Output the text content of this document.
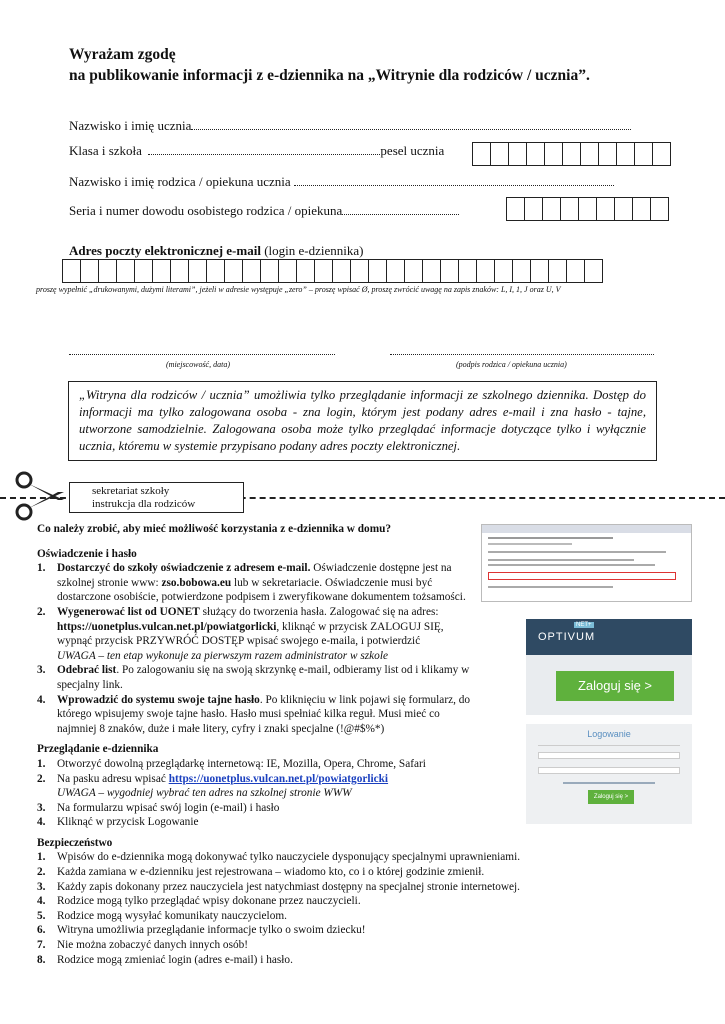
Wyrażam zgodę
na publikowanie informacji z e-dziennika na „Witrynie dla rodziców / ucznia”.
Nazwisko i imię ucznia
Klasa i szkoła	pesel ucznia
Nazwisko i imię rodzica / opiekuna ucznia
Seria i numer dowodu osobistego rodzica / opiekuna
Adres poczty elektronicznej e-mail (login e-dziennika)
proszę wypełnić „drukowanymi, dużymi literami”, jeżeli w adresie występuje „zero” – proszę wpisać Ø, proszę zwrócić uwagę na zapis znaków: L, I, 1, J oraz U, V
(miejscowość, data)	(podpis rodzica / opiekuna ucznia)
„Witryna dla rodziców / ucznia” umożliwia tylko przeglądanie informacji ze szkolnego dziennika. Dostęp do informacji ma tylko zalogowana osoba - zna login, którym jest podany adres e-mail i zna hasło - tajne, utworzone samodzielnie. Zalogowana osoba może tylko przeglądać informacje dotyczące tylko i wyłącznie ucznia, któremu w systemie przypisano podany adres poczty elektronicznej.
sekretariat szkoły
instrukcja dla rodziców
Co należy zrobić, aby mieć możliwość korzystania z e-dziennika w domu?
Oświadczenie i hasło
1.	Dostarczyć do szkoły oświadczenie z adresem e-mail. Oświadczenie dostępne jest na szkolnej stronie www: zso.bobowa.eu lub w sekretariacie. Oświadczenie musi być dostarczone osobiście, potwierdzone podpisem i zweryfikowane dokumentem tożsamości.
2.	Wygenerować list od UONET służący do tworzenia hasła. Zalogować się na adres: https://uonetplus.vulcan.net.pl/powiatgorlicki, kliknąć w przycisk ZALOGUJ SIĘ, wypnąć przycisk PRZYWRÓĆ DOSTĘP wpisać swojego e-maila, i potwierdzić
UWAGA – ten etap wykonuje za pierwszym razem administrator w szkole
3.	Odebrać list. Po zalogowaniu się na swoją skrzynkę e-mail, odbieramy list od i klikamy w specjalny link.
4.	Wprowadzić do systemu swoje tajne hasło. Po kliknięciu w link pojawi się formularz, do którego wpisujemy swoje tajne hasło. Hasło musi spełniać kilka reguł. Musi mieć co najmniej 8 znaków, duże i małe litery, cyfry i znaki specjalne (!@#$%*)
Przeglądanie e-dziennika
1.	Otworzyć dowolną przeglądarkę internetową: IE, Mozilla, Opera, Chrome, Safari
2.	Na pasku adresu wpisać https://uonetplus.vulcan.net.pl/powiatgorlicki
UWAGA – wygodniej wybrać ten adres na szkolnej stronie WWW
3.	Na formularzu wpisać swój login (e-mail) i hasło
4.	Kliknąć w przycisk Logowanie
Bezpieczeństwo
1.	Wpisów do e-dziennika mogą dokonywać tylko nauczyciele dysponujący specjalnymi uprawnieniami.
2.	Każda zamiana w e-dzienniku jest rejestrowana – wiadomo kto, co i o której godzinie zmienił.
3.	Każdy zapis dokonany przez nauczyciela jest natychmiast dostępny na specjalnej stronie internetowej.
4.	Rodzice mogą tylko przeglądać wpisy dokonane przez nauczycieli.
5.	Rodzice mogą wysyłać komunikaty nauczycielom.
6.	Witryna umożliwia przeglądanie informacje tylko o swoim dziecku!
7.	Nie można zobaczyć danych innych osób!
8.	Rodzice mogą zmieniać login (adres e-mail) i hasło.
OPTIVUM
NET+
Zaloguj się >
Logowanie
Zaloguj się >
